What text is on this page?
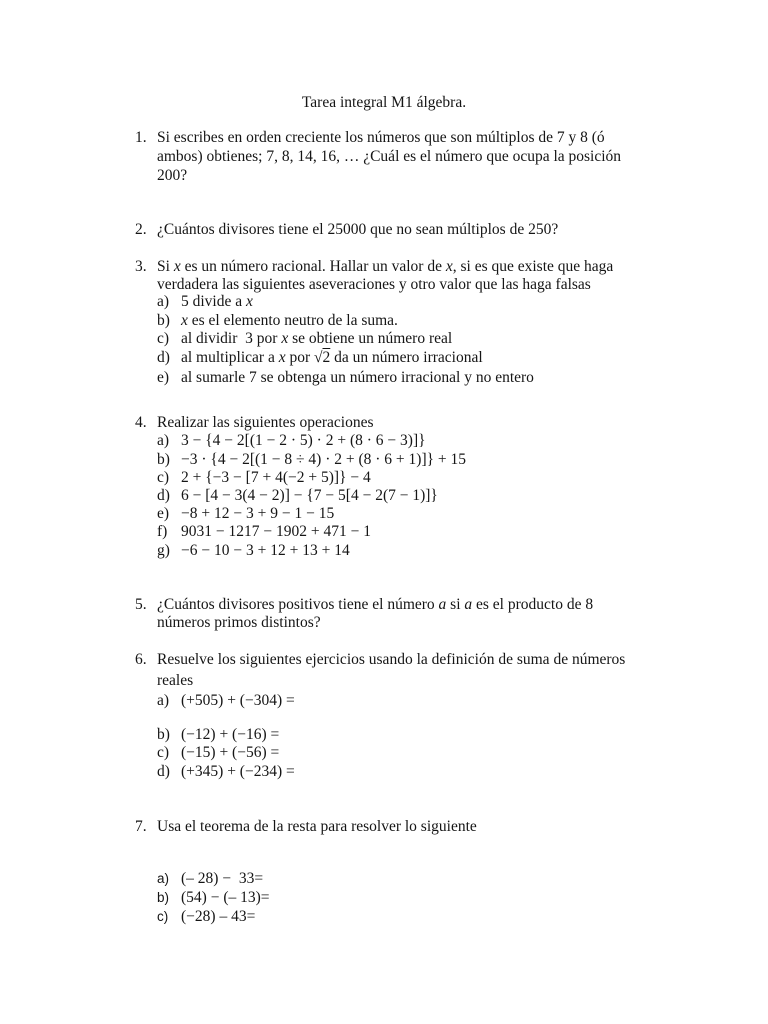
Tarea integral M1 álgebra.
1. Si escribes en orden creciente los números que son múltiplos de 7 y 8 (ó
ambos) obtienes; 7, 8, 14, 16, … ¿Cuál es el número que ocupa la posición
200?
2. ¿Cuántos divisores tiene el 25000 que no sean múltiplos de 250?
3. Si x es un número racional. Hallar un valor de x, si es que existe que haga
verdadera las siguientes aseveraciones y otro valor que las haga falsas
a) 5 divide a x
b) x es el elemento neutro de la suma.
c) al dividir  3 por x se obtiene un número real
d) al multiplicar a x por √2 da un número irracional
e) al sumarle 7 se obtenga un número irracional y no entero
4. Realizar las siguientes operaciones
a) 3 − {4 − 2[(1 − 2 · 5) · 2 + (8 · 6 − 3)]}
b) −3 · {4 − 2[(1 − 8 ÷ 4) · 2 + (8 · 6 + 1)]} + 15
c) 2 + {−3 − [7 + 4(−2 + 5)]} − 4
d) 6 − [4 − 3(4 − 2)] − {7 − 5[4 − 2(7 − 1)]}
e) −8 + 12 − 3 + 9 − 1 − 15
f) 9031 − 1217 − 1902 + 471 − 1
g) −6 − 10 − 3 + 12 + 13 + 14
5. ¿Cuántos divisores positivos tiene el número a si a es el producto de 8
números primos distintos?
6. Resuelve los siguientes ejercicios usando la definición de suma de números
reales
a) (+505) + (−304) =
b) (−12) + (−16) =
c) (−15) + (−56) =
d) (+345) + (−234) =
7. Usa el teorema de la resta para resolver lo siguiente
a) (– 28) −  33=
b) (54) − (– 13)=
c) (−28) – 43=
